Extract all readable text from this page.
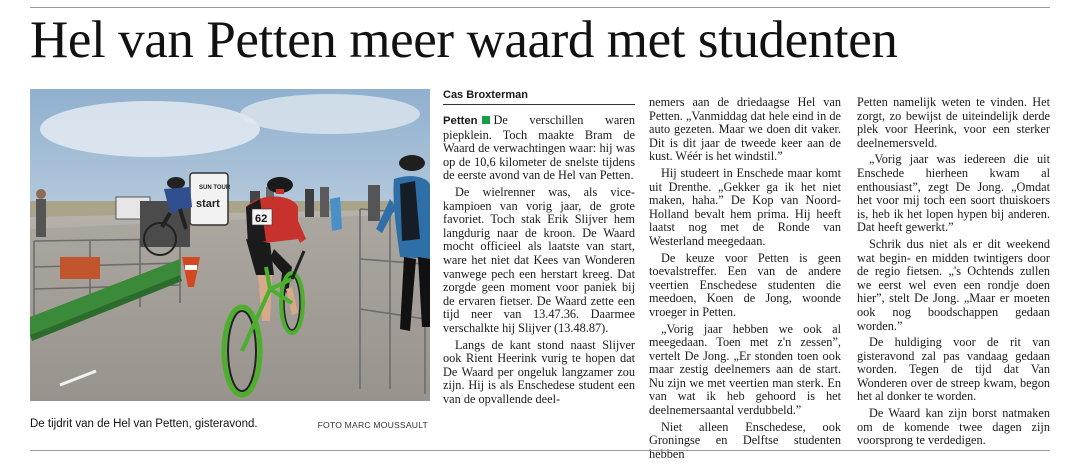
Hel van Petten meer waard met studenten
SUN TOUR
start
62
De tijdrit van de Hel van Petten, gisteravond.	FOTO MARC MOUSSAULT
Cas Broxterman

Petten De verschillen waren piepklein. Toch maakte Bram de Waard de verwachtingen waar: hij was op de 10,6 kilometer de snelste tijdens de eerste avond van de Hel van Petten.

De wielrenner was, als vice-kampioen van vorig jaar, de grote favoriet. Toch stak Erik Slijver hem langdurig naar de kroon. De Waard mocht officieel als laatste van start, ware het niet dat Kees van Wonderen vanwege pech een herstart kreeg. Dat zorgde geen moment voor paniek bij de ervaren fietser. De Waard zette een tijd neer van 13.47.36. Daarmee verschalkte hij Slijver (13.48.87).

Langs de kant stond naast Slijver ook Rient Heerink vurig te hopen dat De Waard per ongeluk langzamer zou zijn. Hij is als Enschedese student een van de opvallende deel-

nemers aan de driedaagse Hel van Petten. „Vanmiddag dat hele eind in de auto gezeten. Maar we doen dit vaker. Dit is dit jaar de tweede keer aan de kust. Wéér is het windstil.”

Hij studeert in Enschede maar komt uit Drenthe. „Gekker ga ik het niet maken, haha.” De Kop van Noord-Holland bevalt hem prima. Hij heeft laatst nog met de Ronde van Westerland meegedaan.

De keuze voor Petten is geen toevalstreffer. Een van de andere veertien Enschedese studenten die meedoen, Koen de Jong, woonde vroeger in Petten.

„Vorig jaar hebben we ook al meegedaan. Toen met z'n zessen”, vertelt De Jong. „Er stonden toen ook maar zestig deelnemers aan de start. Nu zijn we met veertien man sterk. En van wat ik heb gehoord is het deelnemersaantal verdubbeld.”

Niet alleen Enschedese, ook Groningse en Delftse studenten hebben

Petten namelijk weten te vinden. Het zorgt, zo bewijst de uiteindelijk derde plek voor Heerink, voor een sterker deelnemersveld.

„Vorig jaar was iedereen die uit Enschede hierheen kwam al enthousiast”, zegt De Jong. „Omdat het voor mij toch een soort thuiskoers is, heb ik het lopen hypen bij anderen. Dat heeft gewerkt.”

Schrik dus niet als er dit weekend wat begin- en midden twintigers door de regio fietsen. „'s Ochtends zullen we eerst wel even een rondje doen hier”, stelt De Jong. „Maar er moeten ook nog boodschappen gedaan worden.”

De huldiging voor de rit van gisteravond zal pas vandaag gedaan worden. Tegen de tijd dat Van Wonderen over de streep kwam, begon het al donker te worden.

De Waard kan zijn borst natmaken om de komende twee dagen zijn voorsprong te verdedigen.
